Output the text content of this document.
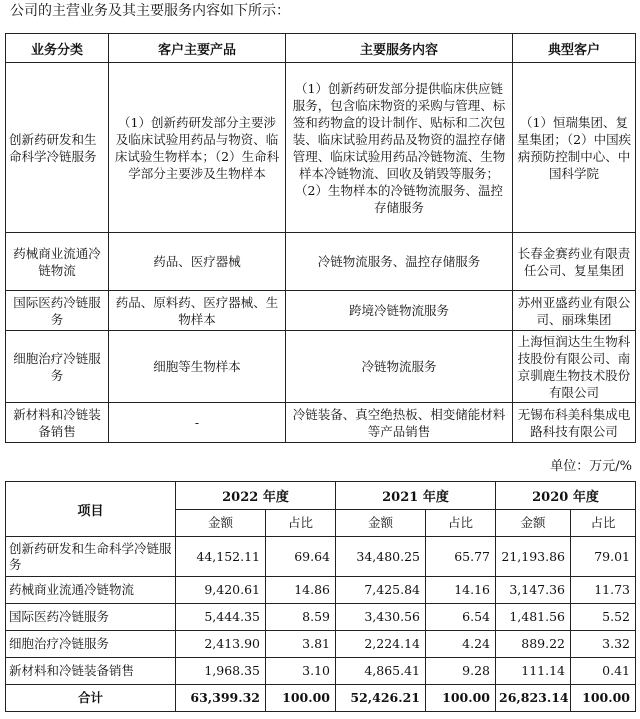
公司的主营业务及其主要服务内容如下所示：
业务分类	客户主要产品	主要服务内容	典型客户
创新药研发和生命科学冷链服务	（1）创新药研发部分主要涉及临床试验用药品与物资、临床试验生物样本；（2）生命科学部分主要涉及生物样本	（1）创新药研发部分提供临床供应链服务，包含临床物资的采购与管理、标签和药物盒的设计制作、贴标和二次包装、临床试验用药品及物资的温控存储管理、临床试验用药品冷链物流、生物样本冷链物流、回收及销毁等服务；（2）生物样本的冷链物流服务、温控存储服务	（1）恒瑞集团、复星集团；（2）中国疾病预防控制中心、中国科学院
药械商业流通冷链物流	药品、医疗器械	冷链物流服务、温控存储服务	长春金赛药业有限责任公司、复星集团
国际医药冷链服务	药品、原料药、医疗器械、生物样本	跨境冷链物流服务	苏州亚盛药业有限公司、丽珠集团
细胞治疗冷链服务	细胞等生物样本	冷链物流服务	上海恒润达生生物科技股份有限公司、南京驯鹿生物技术股份有限公司
新材料和冷链装备销售	-	冷链装备、真空绝热板、相变储能材料等产品销售	无锡布科美科集成电路科技有限公司
单位：万元/%
项目	2022 年度		2021 年度		2020 年度	
	金额	占比	金额	占比	金额	占比
创新药研发和生命科学冷链服务	44,152.11	69.64	34,480.25	65.77	21,193.86	79.01
药械商业流通冷链物流	9,420.61	14.86	7,425.84	14.16	3,147.36	11.73
国际医药冷链服务	5,444.35	8.59	3,430.56	6.54	1,481.56	5.52
细胞治疗冷链服务	2,413.90	3.81	2,224.14	4.24	889.22	3.32
新材料和冷链装备销售	1,968.35	3.10	4,865.41	9.28	111.14	0.41
合计	63,399.32	100.00	52,426.21	100.00	26,823.14	100.00
